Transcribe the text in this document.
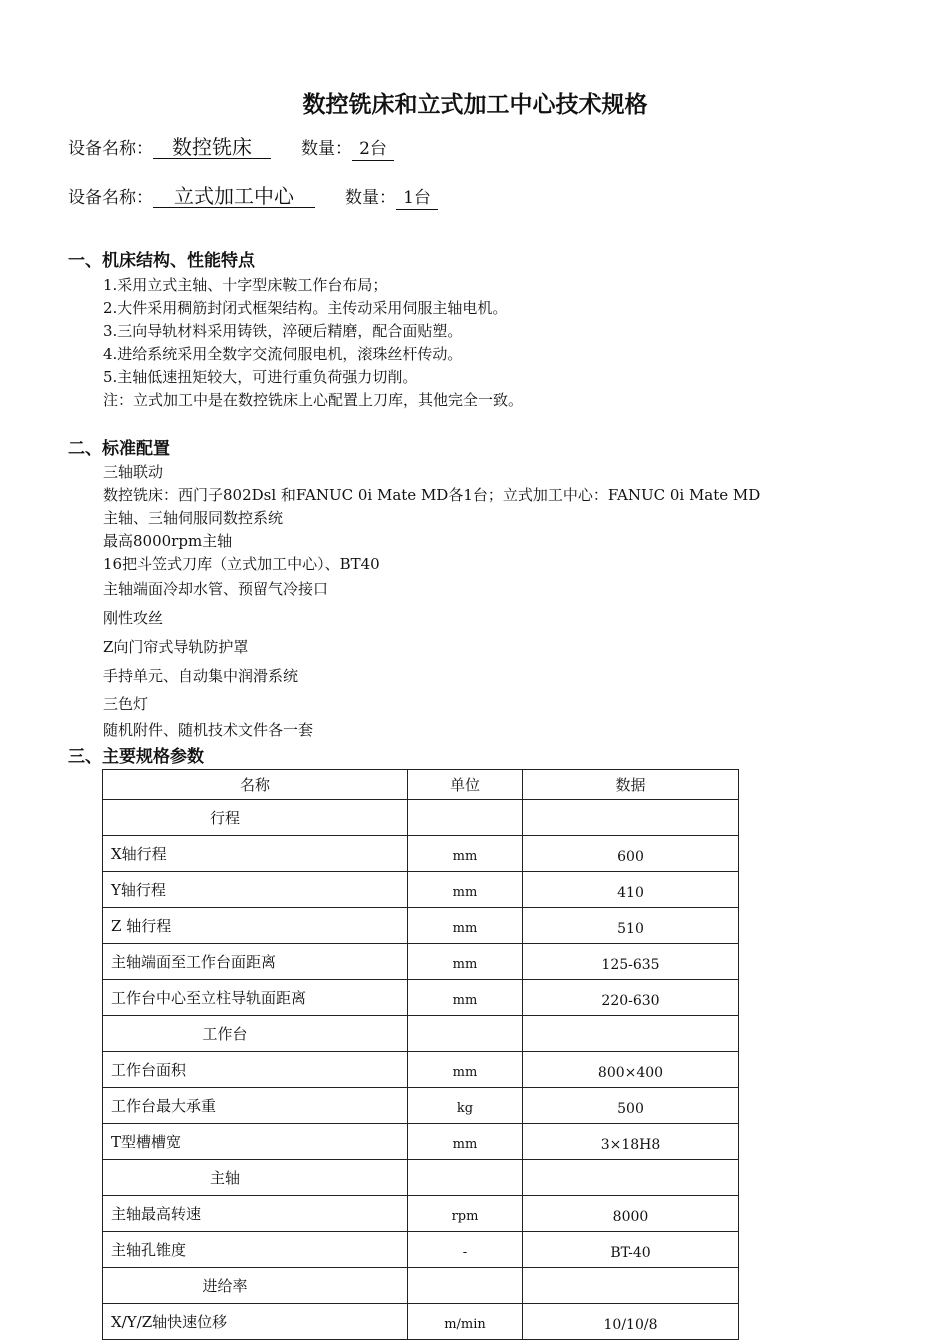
数控铣床和立式加工中心技术规格
设备名称： 数控铣床	数量： 2台
设备名称： 立式加工中心	数量： 1台
一、机床结构、性能特点
1.采用立式主轴、十字型床鞍工作台布局；
2.大件采用稠筋封闭式框架结构。主传动采用伺服主轴电机。
3.三向导轨材料采用铸铁，淬硬后精磨，配合面贴塑。
4.进给系统采用全数字交流伺服电机，滚珠丝杆传动。
5.主轴低速扭矩较大，可进行重负荷强力切削。
注：立式加工中是在数控铣床上心配置上刀库，其他完全一致。
二、标准配置
三轴联动
数控铣床：西门子802Dsl 和FANUC 0i Mate MD各1台；立式加工中心：FANUC 0i Mate MD
主轴、三轴伺服同数控系统
最高8000rpm主轴
16把斗笠式刀库（立式加工中心）、BT40
主轴端面冷却水管、预留气冷接口
刚性攻丝
Z向门帘式导轨防护罩
手持单元、自动集中润滑系统
三色灯
随机附件、随机技术文件各一套
三、主要规格参数
名称	单位	数据
行程		
X轴行程	mm	600
Y轴行程	mm	410
Z 轴行程	mm	510
主轴端面至工作台面距离	mm	125-635
工作台中心至立柱导轨面距离	mm	220-630
工作台		
工作台面积	mm	800×400
工作台最大承重	kg	500
T型槽槽宽	mm	3×18H8
主轴		
主轴最高转速	rpm	8000
主轴孔锥度	-	BT-40
进给率		
X/Y/Z轴快速位移	m/min	10/10/8
